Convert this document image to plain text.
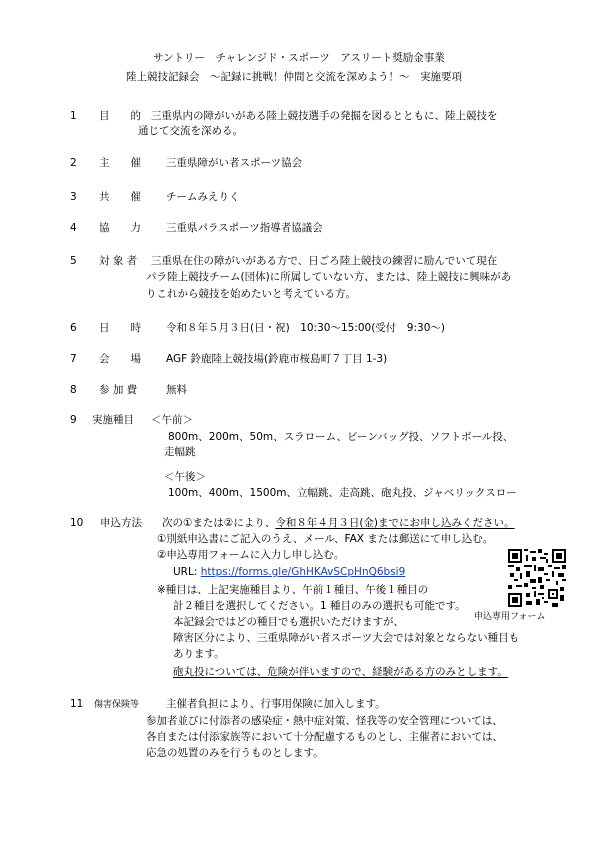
サントリー　チャレンジド・スポーツ　アスリート奨励金事業
陸上競技記録会　～記録に挑戦！仲間と交流を深めよう！～　実施要項
1 目　　的 三重県内の障がいがある陸上競技選手の発掘を図るとともに、陸上競技を
通じて交流を深める。
2 主　　催 三重県障がい者スポーツ協会
3 共　　催 チームみえりく
4 協　　力 三重県パラスポーツ指導者協議会
5 対 象 者 三重県在住の障がいがある方で、日ごろ陸上競技の練習に励んでいて現在
パラ陸上競技チーム(団体)に所属していない方、または、陸上競技に興味があ
りこれから競技を始めたいと考えている方。
6 日　　時 令和８年５月３日(日・祝)　10:30～15:00(受付　9:30～)
7 会　　場 AGF 鈴鹿陸上競技場(鈴鹿市桜島町７丁目 1-3)
8 参 加 費	無料
9 実施種目 ＜午前＞
800m、200m、50m、スラローム、ビーンバッグ投、ソフトボール投、
走幅跳
＜午後＞
100m、400m、1500m、立幅跳、走高跳、砲丸投、ジャベリックスロー
10 申込方法 次の①または②により、令和８年４月３日(金)までにお申し込みください。
①別紙申込書にご記入のうえ、メール、FAX または郵送にて申し込む。
②申込専用フォームに入力し申し込む。
URL: https://forms.gle/GhHKAvSCpHnQ6bsi9
申込専用フォーム
※種目は、上記実施種目より、午前１種目、午後１種目の
計２種目を選択してください。1 種目のみの選択も可能です。
本記録会ではどの種目でも選択いただけますが、
障害区分により、三重県障がい者スポーツ大会では対象とならない種目も
あります。
砲丸投については、危険が伴いますので、経験がある方のみとします。
11 傷害保険等	主催者負担により、行事用保険に加入します。
参加者並びに付添者の感染症・熱中症対策、怪我等の安全管理については、
各自または付添家族等において十分配慮するものとし、主催者においては、
応急の処置のみを行うものとします。
